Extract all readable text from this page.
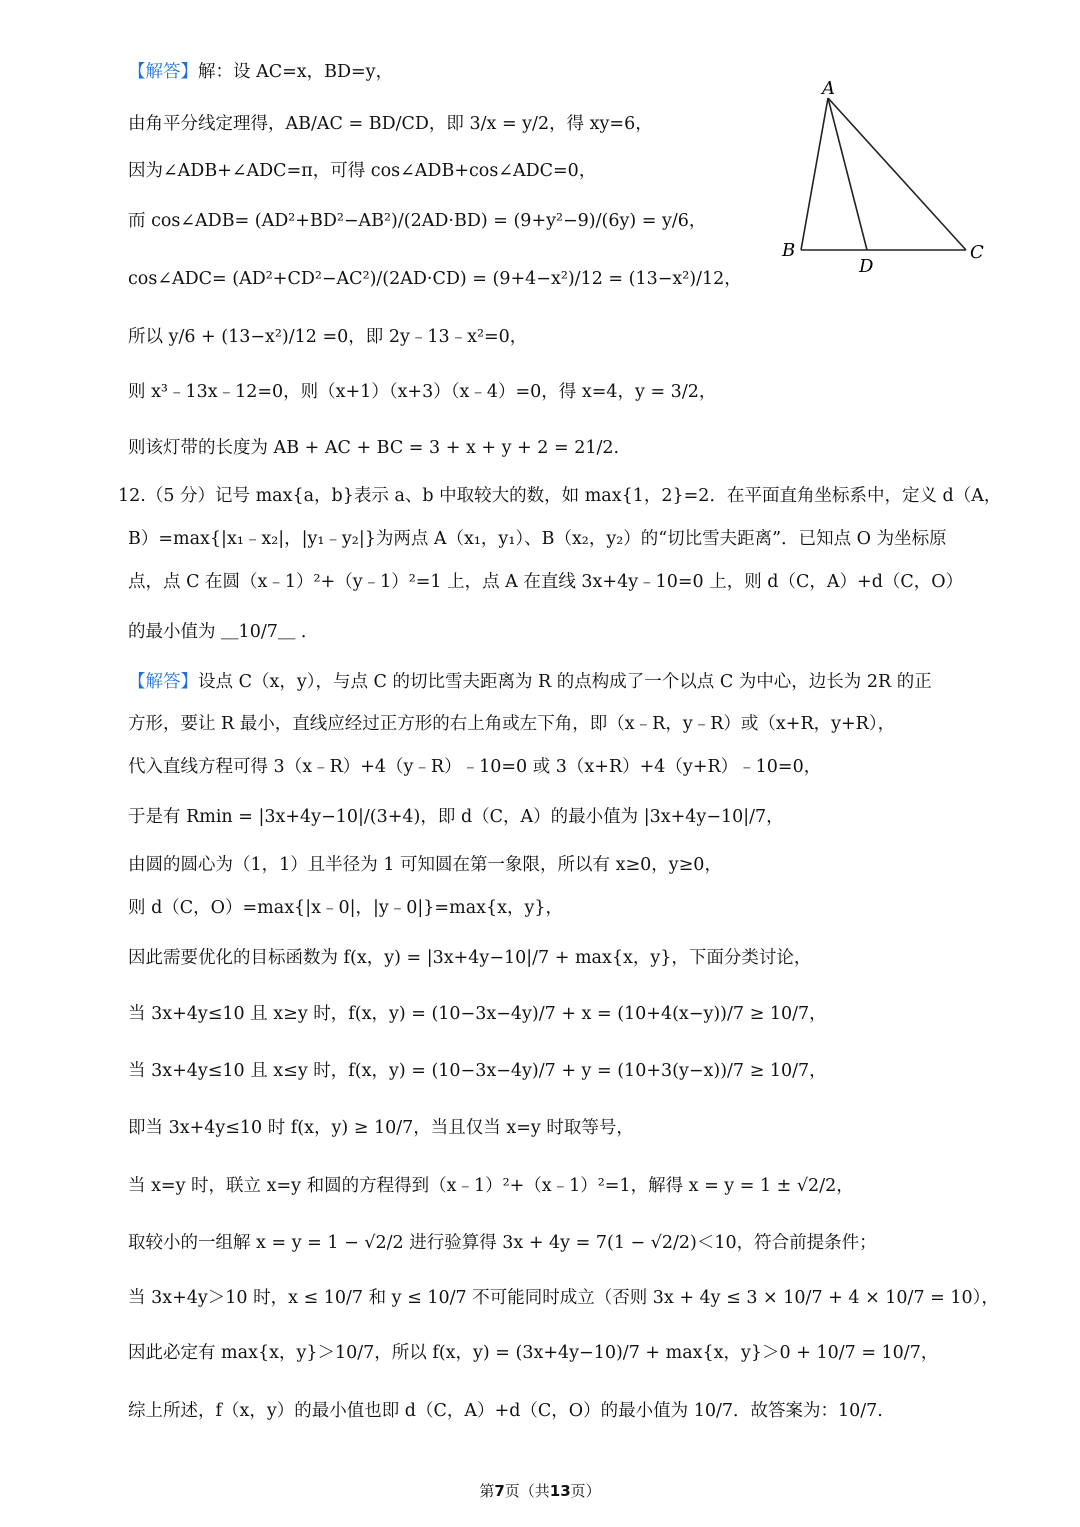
【解答】解：设 AC=x，BD=y，
由角平分线定理得，AB/AC = BD/CD，即 3/x = y/2，得 xy=6，
因为∠ADB+∠ADC=π，可得 cos∠ADB+cos∠ADC=0，
而 cos∠ADB= (AD²+BD²−AB²)/(2AD·BD) = (9+y²−9)/(6y) = y/6，
cos∠ADC= (AD²+CD²−AC²)/(2AD·CD) = (9+4−x²)/12 = (13−x²)/12，
所以 y/6 + (13−x²)/12 =0，即 2y﹣13﹣x²=0，
则 x³﹣13x﹣12=0，则（x+1）（x+3）（x﹣4）=0，得 x=4，y = 3/2，
则该灯带的长度为 AB + AC + BC = 3 + x + y + 2 = 21/2.
A
B
D
C
12.（5 分）记号 max{a，b}表示 a、b 中取较大的数，如 max{1，2}=2．在平面直角坐标系中，定义 d（A，
B）=max{|x₁﹣x₂|，|y₁﹣y₂|}为两点 A（x₁，y₁）、B（x₂，y₂）的“切比雪夫距离”．已知点 O 为坐标原
点，点 C 在圆（x﹣1）²+（y﹣1）²=1 上，点 A 在直线 3x+4y﹣10=0 上，则 d（C，A）+d（C，O）
的最小值为 ＿10/7＿ ．
【解答】设点 C（x，y），与点 C 的切比雪夫距离为 R 的点构成了一个以点 C 为中心，边长为 2R 的正
方形，要让 R 最小，直线应经过正方形的右上角或左下角，即（x﹣R，y﹣R）或（x+R，y+R），
代入直线方程可得 3（x﹣R）+4（y﹣R）﹣10=0 或 3（x+R）+4（y+R）﹣10=0，
于是有 Rmin = |3x+4y−10|/(3+4)，即 d（C，A）的最小值为 |3x+4y−10|/7，
由圆的圆心为（1，1）且半径为 1 可知圆在第一象限，所以有 x≥0，y≥0，
则 d（C，O）=max{|x﹣0|，|y﹣0|}=max{x，y}，
因此需要优化的目标函数为 f(x，y) = |3x+4y−10|/7 + max{x，y}，下面分类讨论，
当 3x+4y≤10 且 x≥y 时，f(x，y) = (10−3x−4y)/7 + x = (10+4(x−y))/7 ≥ 10/7，
当 3x+4y≤10 且 x≤y 时，f(x，y) = (10−3x−4y)/7 + y = (10+3(y−x))/7 ≥ 10/7，
即当 3x+4y≤10 时 f(x，y) ≥ 10/7，当且仅当 x=y 时取等号，
当 x=y 时，联立 x=y 和圆的方程得到（x﹣1）²+（x﹣1）²=1，解得 x = y = 1 ± √2/2，
取较小的一组解 x = y = 1 − √2/2 进行验算得 3x + 4y = 7(1 − √2/2)＜10，符合前提条件；
当 3x+4y＞10 时，x ≤ 10/7 和 y ≤ 10/7 不可能同时成立（否则 3x + 4y ≤ 3 × 10/7 + 4 × 10/7 = 10），
因此必定有 max{x，y}＞10/7，所以 f(x，y) = (3x+4y−10)/7 + max{x，y}＞0 + 10/7 = 10/7，
综上所述，f（x，y）的最小值也即 d（C，A）+d（C，O）的最小值为 10/7．故答案为：10/7.
第7页（共13页）
